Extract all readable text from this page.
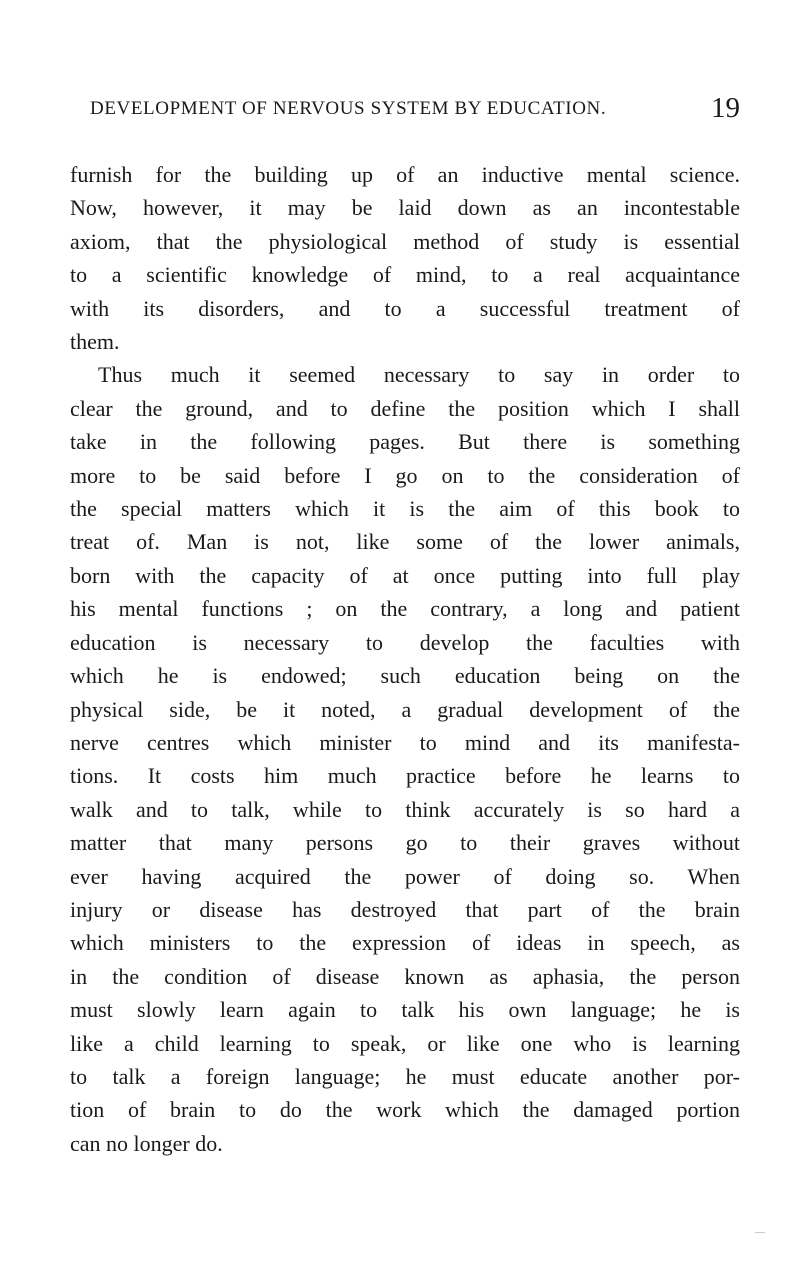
DEVELOPMENT OF NERVOUS SYSTEM BY EDUCATION.	19
furnish for the building up of an inductive mental science.
Now, however, it may be laid down as an incontestable
axiom, that the physiological method of study is essential
to a scientific knowledge of mind, to a real acquaintance
with its disorders, and to a successful treatment of
them.
Thus much it seemed necessary to say in order to
clear the ground, and to define the position which I shall
take in the following pages. But there is something
more to be said before I go on to the consideration of
the special matters which it is the aim of this book to
treat of. Man is not, like some of the lower animals,
born with the capacity of at once putting into full play
his mental functions ; on the contrary, a long and patient
education is necessary to develop the faculties with
which he is endowed; such education being on the
physical side, be it noted, a gradual development of the
nerve centres which minister to mind and its manifesta-
tions. It costs him much practice before he learns to
walk and to talk, while to think accurately is so hard a
matter that many persons go to their graves without
ever having acquired the power of doing so. When
injury or disease has destroyed that part of the brain
which ministers to the expression of ideas in speech, as
in the condition of disease known as aphasia, the person
must slowly learn again to talk his own language; he is
like a child learning to speak, or like one who is learning
to talk a foreign language; he must educate another por-
tion of brain to do the work which the damaged portion
can no longer do.
